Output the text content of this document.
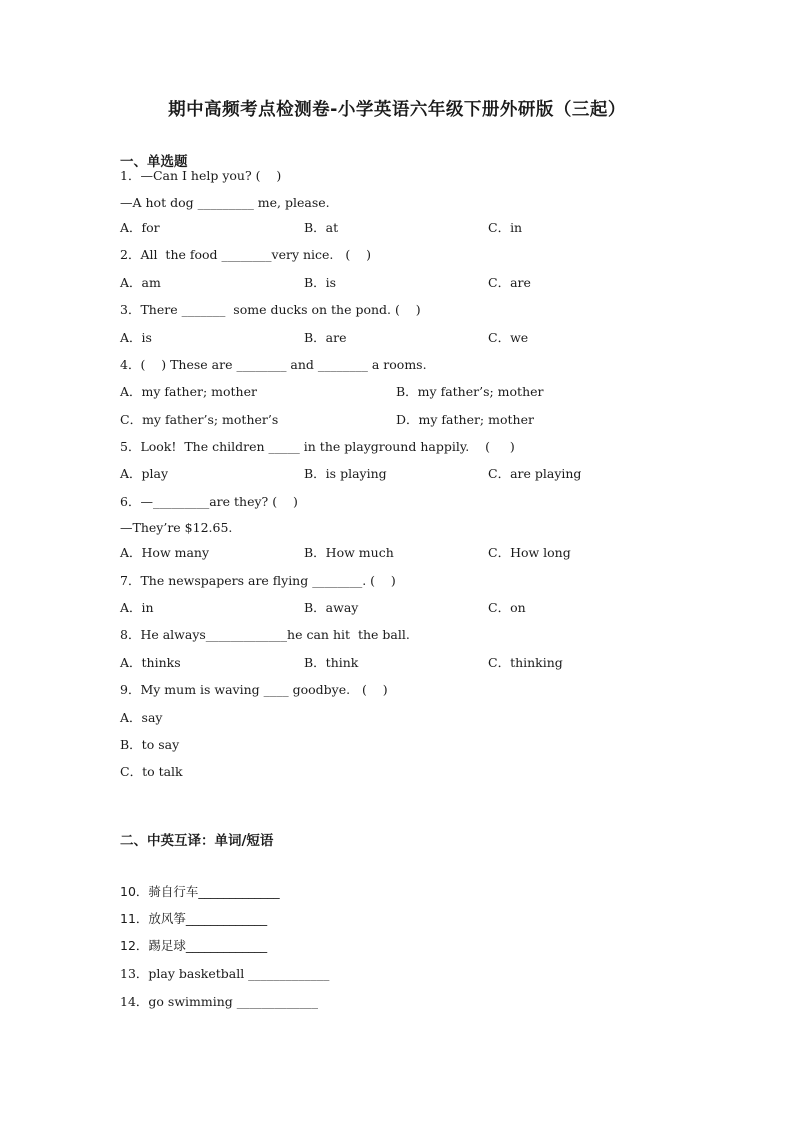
期中高频考点检测卷-小学英语六年级下册外研版（三起）
一、单选题
1．—Can I help you? (    )
—A hot dog _________ me, please.
A．for	B．at	C．in
2．All  the food ________very nice.   (    )
A．am	B．is	C．are
3．There _______  some ducks on the pond. (    )
A．is	B．are	C．we
4．(    ) These are ________ and ________ a rooms.
A．my father; mother	B．my father’s; mother
C．my father’s; mother’s	D．my father; mother
5．Look!  The children _____ in the playground happily.    (     )
A．play	B．is playing	C．are playing
6．—_________are they? (    )
—They’re $12.65.
A．How many	B．How much	C．How long
7．The newspapers are flying ________. (    )
A．in	B．away	C．on
8．He always_____________he can hit  the ball.
A．thinks	B．think	C．thinking
9．My mum is waving ____ goodbye.   (    )
A．say
B．to say
C．to talk
二、中英互译：单词/短语
10．骑自行车_____________
11．放风筝_____________
12．踢足球_____________
13．play basketball _____________
14．go swimming _____________
